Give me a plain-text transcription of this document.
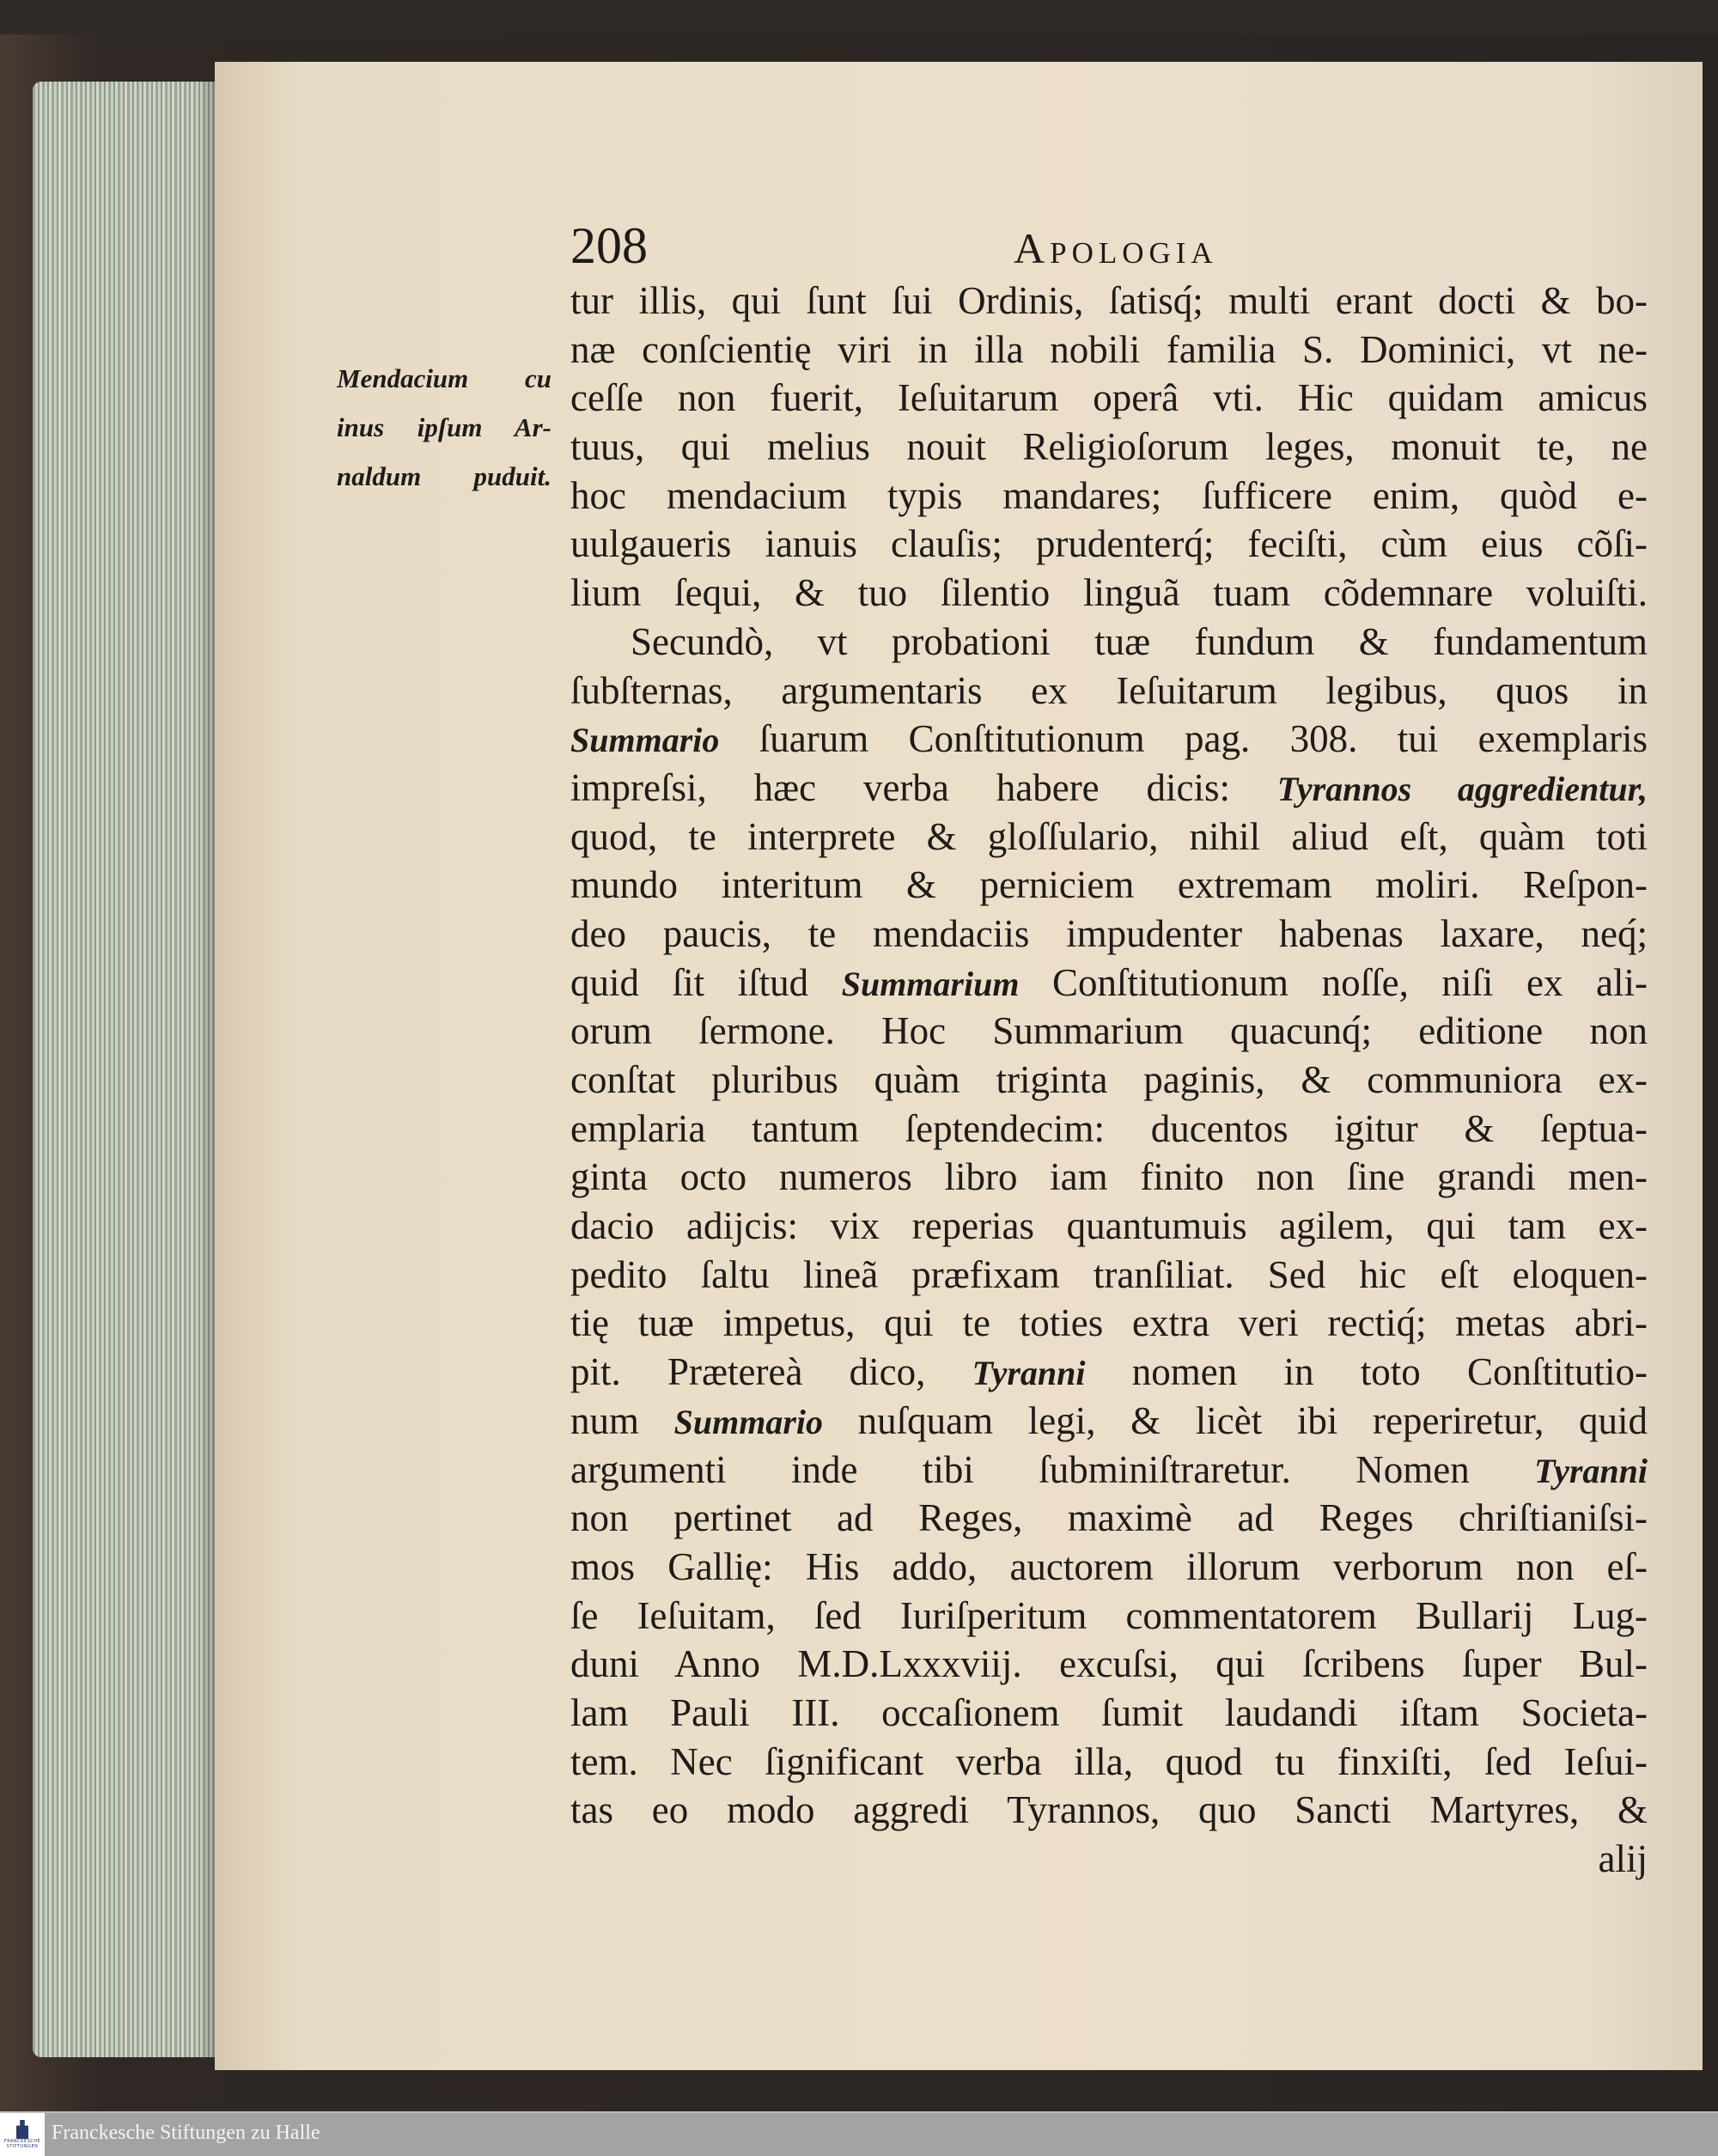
208	Apologia
Mendacium cu
inus ipſum Ar-
naldum puduit.
tur illis, qui ſunt ſui Ordinis, ſatisq́; multi erant docti & bo-
næ conſcientię viri in illa nobili familia S. Dominici, vt ne-
ceſſe non fuerit, Ieſuitarum operâ vti. Hic quidam amicus
tuus, qui melius nouit Religioſorum leges, monuit te, ne
hoc mendacium typis mandares; ſufficere enim, quòd e-
uulgaueris ianuis clauſis; prudenterq́; feciſti, cùm eius cõſi-
lium ſequi, & tuo ſilentio linguã tuam cõdemnare voluiſti.
Secundò, vt probationi tuæ fundum & fundamentum
ſubſternas, argumentaris ex Ieſuitarum legibus, quos in
Summario ſuarum Conſtitutionum pag. 308. tui exemplaris
impreſsi, hæc verba habere dicis: Tyrannos aggredientur,
quod, te interprete & gloſſulario, nihil aliud eſt, quàm toti
mundo interitum & perniciem extremam moliri. Reſpon-
deo paucis, te mendaciis impudenter habenas laxare, neq́;
quid ſit iſtud Summarium Conſtitutionum noſſe, niſi ex ali-
orum ſermone. Hoc Summarium quacunq́; editione non
conſtat pluribus quàm triginta paginis, & communiora ex-
emplaria tantum ſeptendecim: ducentos igitur & ſeptua-
ginta octo numeros libro iam finito non ſine grandi men-
dacio adijcis: vix reperias quantumuis agilem, qui tam ex-
pedito ſaltu lineã præfixam tranſiliat. Sed hic eſt eloquen-
tię tuæ impetus, qui te toties extra veri rectiq́; metas abri-
pit. Prætereà dico, Tyranni nomen in toto Conſtitutio-
num Summario nuſquam legi, & licèt ibi reperiretur, quid
argumenti inde tibi ſubminiſtraretur. Nomen Tyranni
non pertinet ad Reges, maximè ad Reges chriſtianiſsi-
mos Gallię: His addo, auctorem illorum verborum non eſ-
ſe Ieſuitam, ſed Iuriſperitum commentatorem Bullarij Lug-
duni Anno M.D.Lxxxviij. excuſsi, qui ſcribens ſuper Bul-
lam Pauli III. occaſionem ſumit laudandi iſtam Societa-
tem. Nec ſignificant verba illa, quod tu finxiſti, ſed Ieſui-
tas eo modo aggredi Tyrannos, quo Sancti Martyres, &
alij
FRANCKESCHE
STIFTUNGEN
Franckesche Stiftungen zu Halle
